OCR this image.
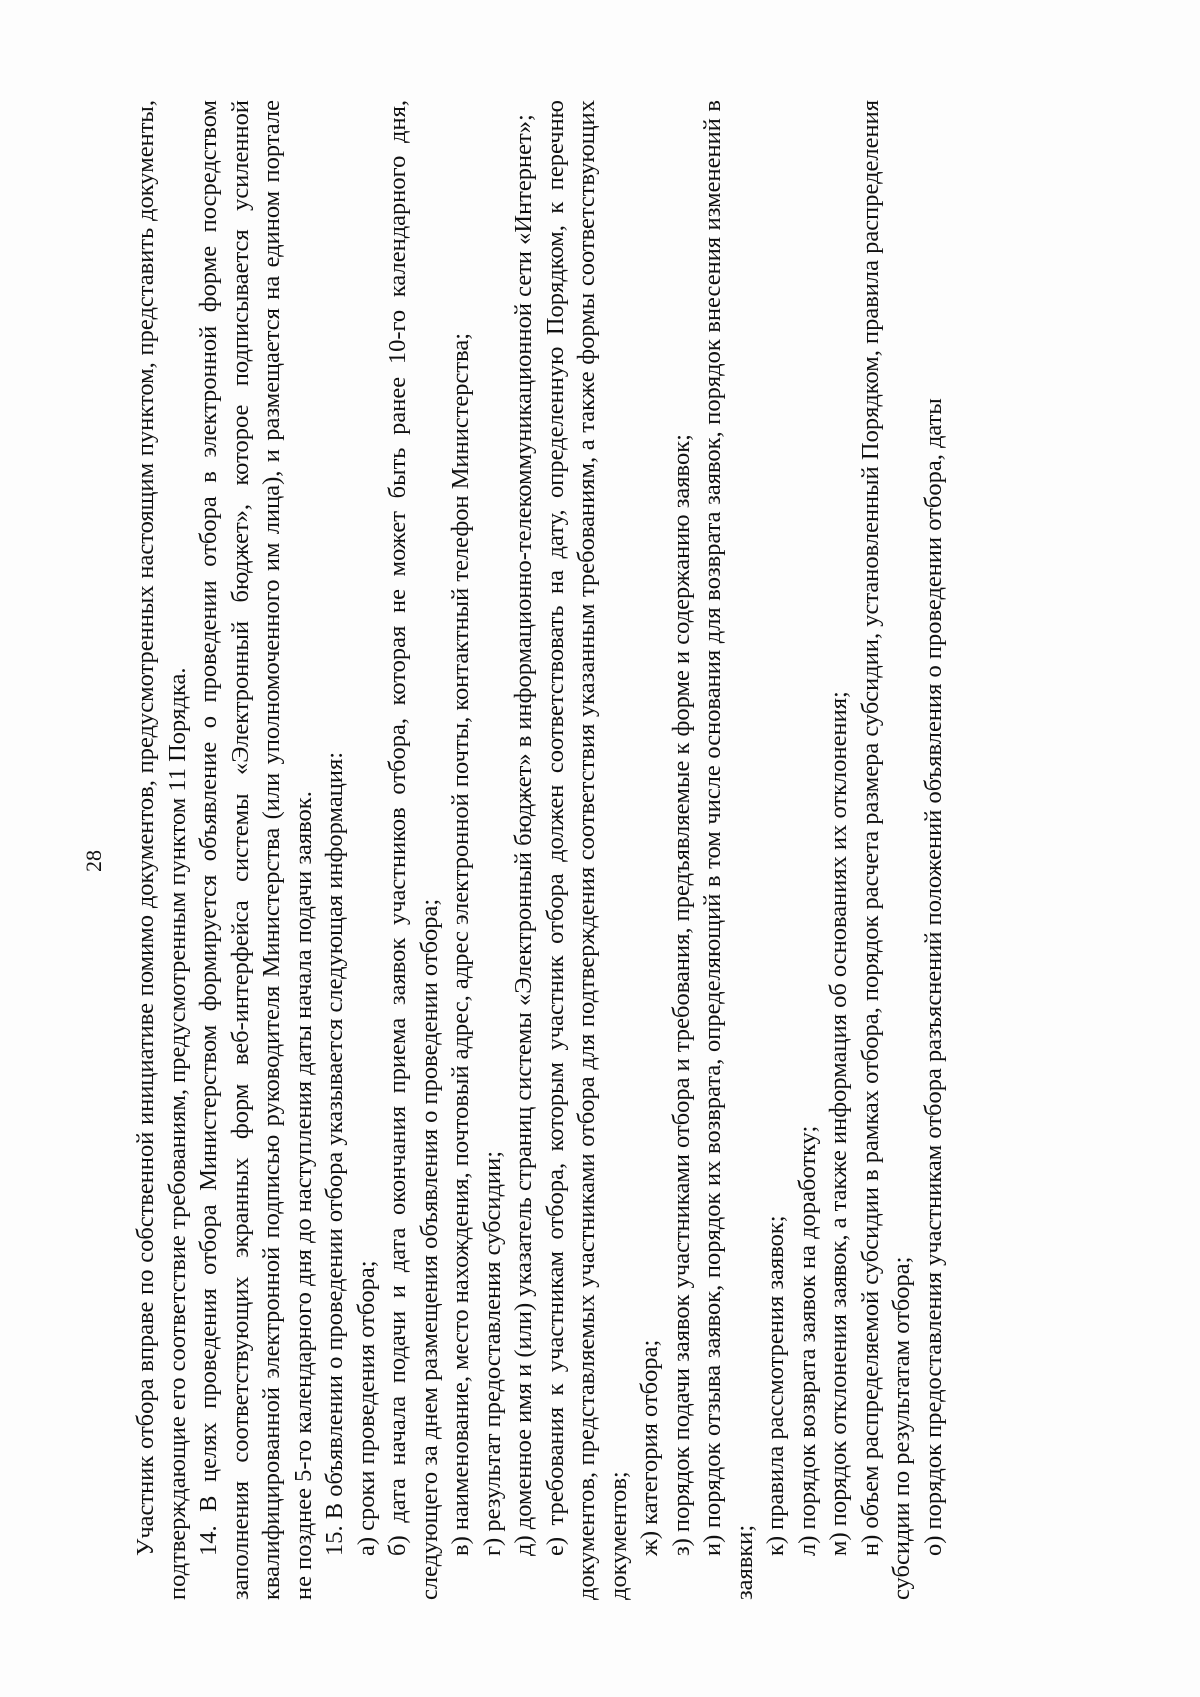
28 Участник отбора вправе по собственной инициативе помимо документов, предусмотренных настоящим пунктом, представить документы, подтверждающие его соответствие требованиям, предусмотренным пунктом 11 Порядка. 14. В целях проведения отбора Министерством формируется объявление о проведении отбора в электронной форме посредством заполнения соответствующих экранных форм веб-интерфейса системы «Электронный бюджет», которое подписывается усиленной квалифицированной электронной подписью руководителя Министерства (или уполномоченного им лица), и размещается на едином портале не позднее 5-го календарного дня до наступления даты начала подачи заявок. 15. В объявлении о проведении отбора указывается следующая информация: а) сроки проведения отбора; б) дата начала подачи и дата окончания приема заявок участников отбора, которая не может быть ранее 10-го календарного дня, следующего за днем размещения объявления о проведении отбора; в) наименование, место нахождения, почтовый адрес, адрес электронной почты, контактный телефон Министерства; г) результат предоставления субсидии; д) доменное имя и (или) указатель страниц системы «Электронный бюджет» в информационно-телекоммуникационной сети «Интернет»; е) требования к участникам отбора, которым участник отбора должен соответствовать на дату, определенную Порядком, к перечню документов, представляемых участниками отбора для подтверждения соответствия указанным требованиям, а также формы соответствующих документов; ж) категория отбора; з) порядок подачи заявок участниками отбора и требования, предъявляемые к форме и содержанию заявок; и) порядок отзыва заявок, порядок их возврата, определяющий в том числе основания для возврата заявок, порядок внесения изменений в заявки;

к) правила рассмотрения заявок; л) порядок возврата заявок на доработку; м) порядок отклонения заявок, а также информация об основаниях их отклонения; н) объем распределяемой субсидии в рамках отбора, порядок расчета размера субсидии, установленный Порядком, правила распределения субсидии по результатам отбора; о) порядок предоставления участникам отбора разъяснений положений объявления о проведении отбора, даты
